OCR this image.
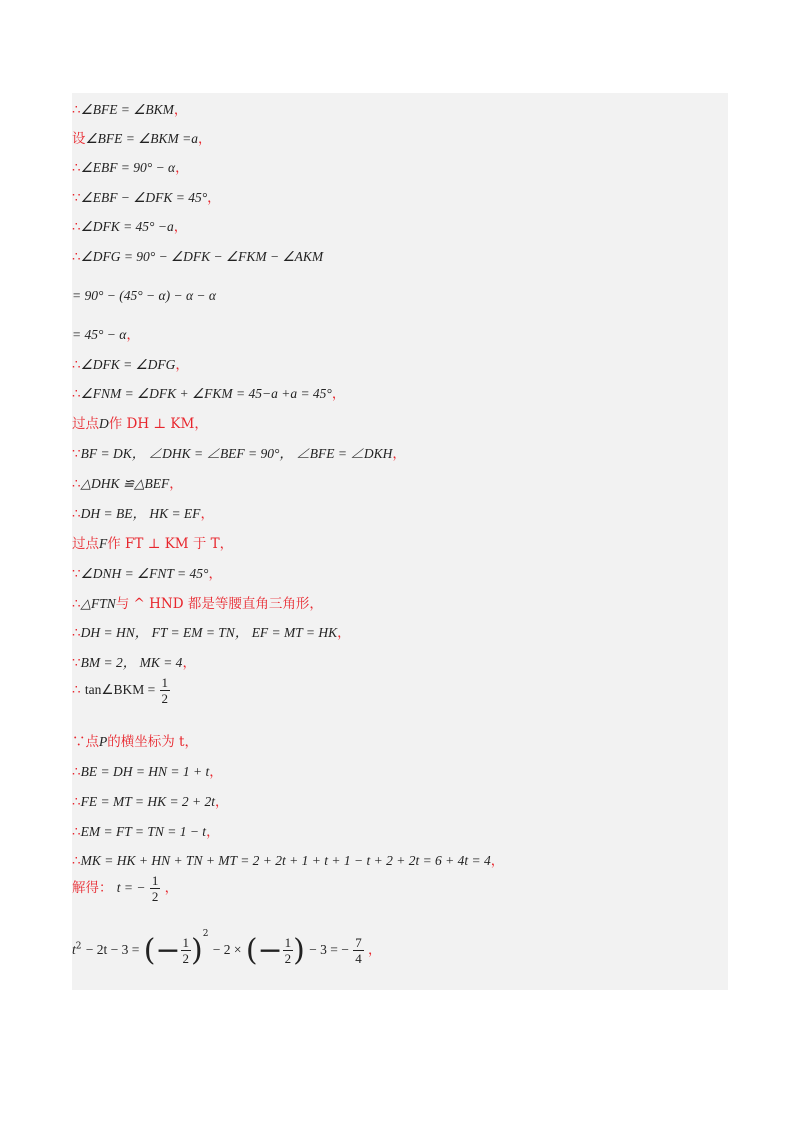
∴∠BFE = ∠BKM，
设∠BFE = ∠BKM =a，
∴∠EBF = 90° − α，
∵∠EBF − ∠DFK = 45°，
∴∠DFK = 45° −a，
∴∠DFG = 90° − ∠DFK − ∠FKM − ∠AKM
= 90° − (45° − α) − α − α
= 45° − α，
∴∠DFK = ∠DFG，
∴∠FNM = ∠DFK + ∠FKM = 45−a +a = 45°，
过点D作 DH ⊥ KM，
∵BF = DK， ∠DHK = ∠BEF = 90°， ∠BFE = ∠DKH，
∴△DHK ≌△BEF，
∴DH = BE， HK = EF，
过点F作 FT ⊥ KM 于 T，
∵∠DNH = ∠FNT = 45°，
∴△FTN与 ^ HND 都是等腰直角三角形，
∴DH = HN， FT = EM = TN， EF = MT = HK，
∵BM = 2， MK = 4，
∴ tan∠BKM = $\frac{1}{2}$
∵点P的横坐标为 t，
∴BE = DH = HN = 1 + t，
∴FE = MT = HK = 2 + 2t，
∴EM = FT = TN = 1 − t，
∴MK = HK + HN + TN + MT = 2 + 2t + 1 + t + 1 − t + 2 + 2t = 6 + 4t = 4，
解得： t = − $\frac{1}{2}$ ，
$t^2 - 2t - 3$ = (− $\frac{1}{2} )^2 - 2$ × (− $\frac{1}{2}$ ) − 3 = − $\frac{7}{4}$ ，
